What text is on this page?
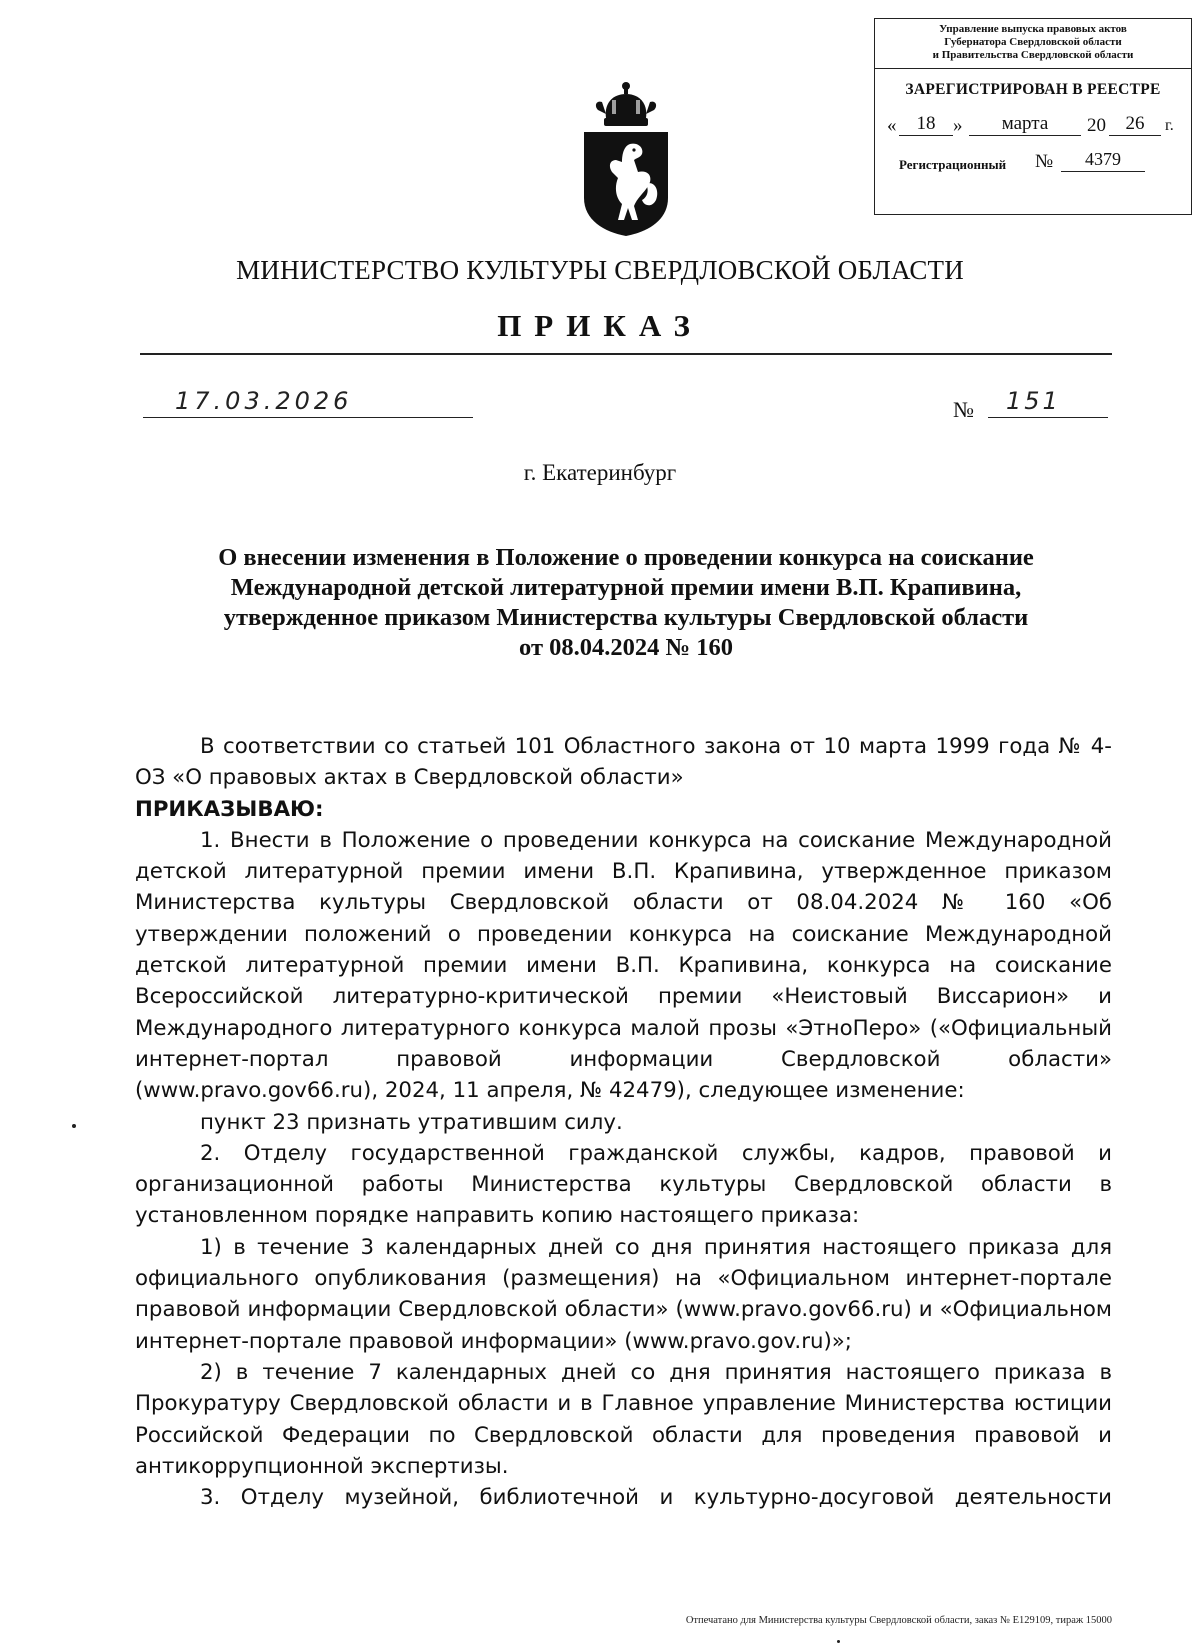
Управление выпуска правовых актов
Губернатора Свердловской области
и Правительства Свердловской области
ЗАРЕГИСТРИРОВАН В РЕЕСТРЕ
«	18 »	марта	20	26	г.
Регистрационный №	4379
МИНИСТЕРСТВО КУЛЬТУРЫ СВЕРДЛОВСКОЙ ОБЛАСТИ
ПРИКАЗ
17.03.2026	№ 151
г. Екатеринбург
О внесении изменения в Положение о проведении конкурса на соискание
Международной детской литературной премии имени В.П. Крапивина,
утвержденное приказом Министерства культуры Свердловской области
от 08.04.2024 № 160

В соответствии со статьей 101 Областного закона от 10 марта 1999 года № 4-ОЗ «О правовых актах в Свердловской области»

ПРИКАЗЫВАЮ:

1. Внести в Положение о проведении конкурса на соискание Международной детской литературной премии имени В.П. Крапивина, утвержденное приказом Министерства культуры Свердловской области от 08.04.2024 № 160 «Об утверждении положений о проведении конкурса на соискание Международной детской литературной премии имени В.П. Крапивина, конкурса на соискание Всероссийской литературно-критической премии «Неистовый Виссарион» и Международного литературного конкурса малой прозы «ЭтноПеро» («Официальный интернет-портал правовой информации Свердловской области» (www.pravo.gov66.ru), 2024, 11 апреля, № 42479), следующее изменение:

пункт 23 признать утратившим силу.

2. Отделу государственной гражданской службы, кадров, правовой и организационной работы Министерства культуры Свердловской области в установленном порядке направить копию настоящего приказа:

1) в течение 3 календарных дней со дня принятия настоящего приказа для официального опубликования (размещения) на «Официальном интернет-портале правовой информации Свердловской области» (www.pravo.gov66.ru) и «Официальном интернет-портале правовой информации» (www.pravo.gov.ru)»;

2) в течение 7 календарных дней со дня принятия настоящего приказа в Прокуратуру Свердловской области и в Главное управление Министерства юстиции Российской Федерации по Свердловской области для проведения правовой и антикоррупционной экспертизы.

3. Отделу музейной, библиотечной и культурно-досуговой деятельности

Отпечатано для Министерства культуры Свердловской области, заказ № Е129109, тираж 15000
